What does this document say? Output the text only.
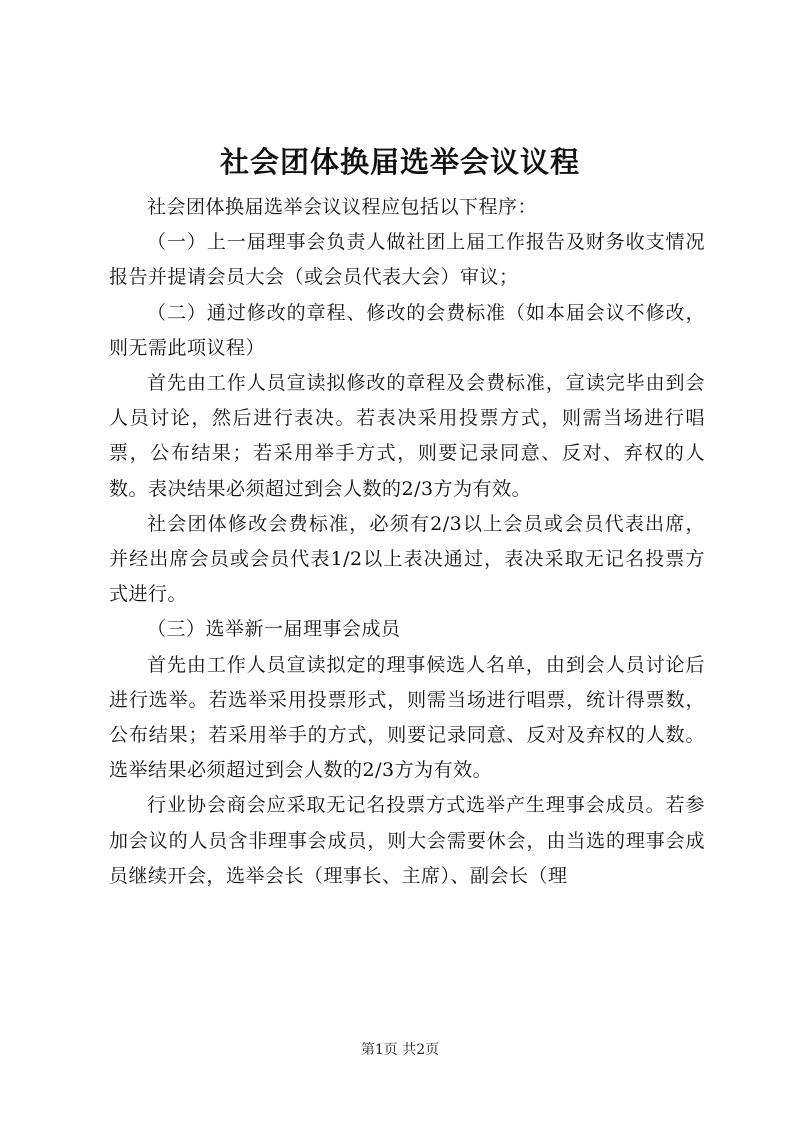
社会团体换届选举会议议程

社会团体换届选举会议议程应包括以下程序：

（一）上一届理事会负责人做社团上届工作报告及财务收支情况报告并提请会员大会（或会员代表大会）审议；

（二）通过修改的章程、修改的会费标准（如本届会议不修改，则无需此项议程）

首先由工作人员宣读拟修改的章程及会费标准，宣读完毕由到会人员讨论，然后进行表决。若表决采用投票方式，则需当场进行唱票，公布结果；若采用举手方式，则要记录同意、反对、弃权的人数。表决结果必须超过到会人数的2/3方为有效。

社会团体修改会费标准，必须有2/3以上会员或会员代表出席，并经出席会员或会员代表1/2以上表决通过，表决采取无记名投票方式进行。

（三）选举新一届理事会成员

首先由工作人员宣读拟定的理事候选人名单，由到会人员讨论后进行选举。若选举采用投票形式，则需当场进行唱票，统计得票数，公布结果；若采用举手的方式，则要记录同意、反对及弃权的人数。选举结果必须超过到会人数的2/3方为有效。

行业协会商会应采取无记名投票方式选举产生理事会成员。若参加会议的人员含非理事会成员，则大会需要休会，由当选的理事会成员继续开会，选举会长（理事长、主席）、副会长（理

第1页 共2页
